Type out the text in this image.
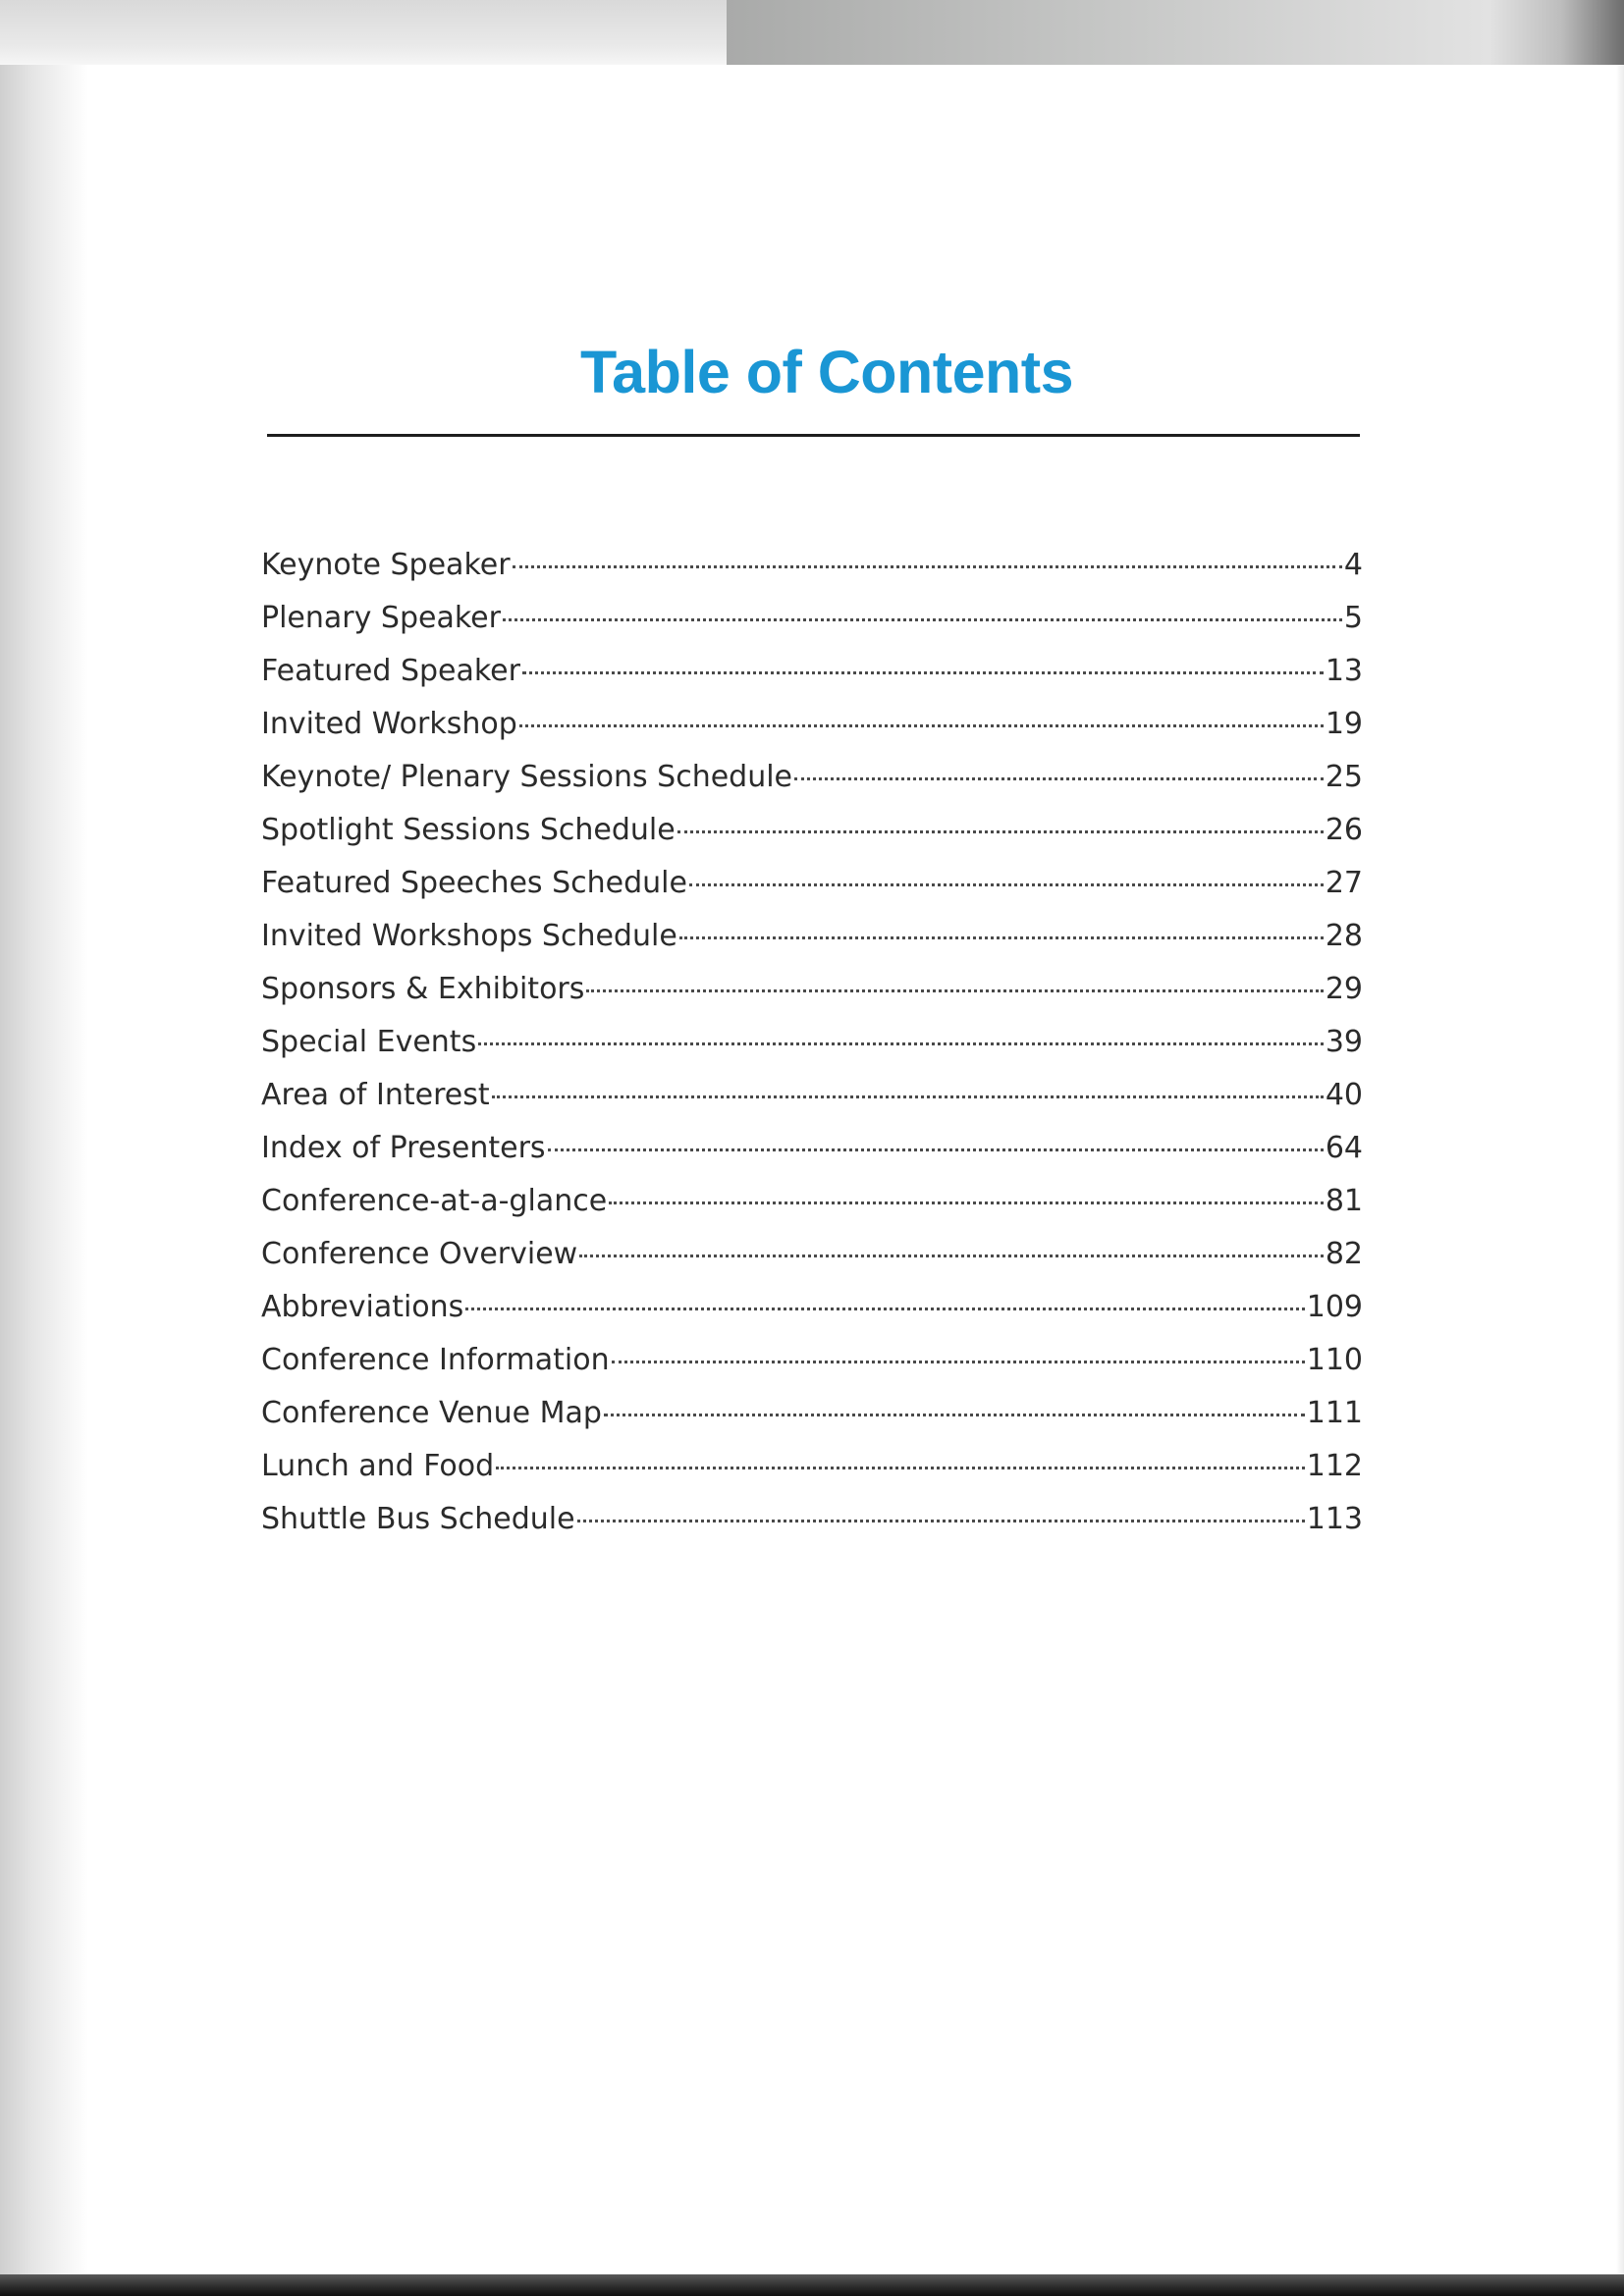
Table of Contents
Keynote Speaker	4
Plenary Speaker	5
Featured Speaker	13
Invited Workshop	19
Keynote/ Plenary Sessions Schedule	25
Spotlight Sessions Schedule	26
Featured Speeches Schedule	27
Invited Workshops Schedule	28
Sponsors & Exhibitors	29
Special Events	39
Area of Interest	40
Index of Presenters	64
Conference-at-a-glance	81
Conference Overview	82
Abbreviations	109
Conference Information	110
Conference Venue Map	111
Lunch and Food	112
Shuttle Bus Schedule	113
